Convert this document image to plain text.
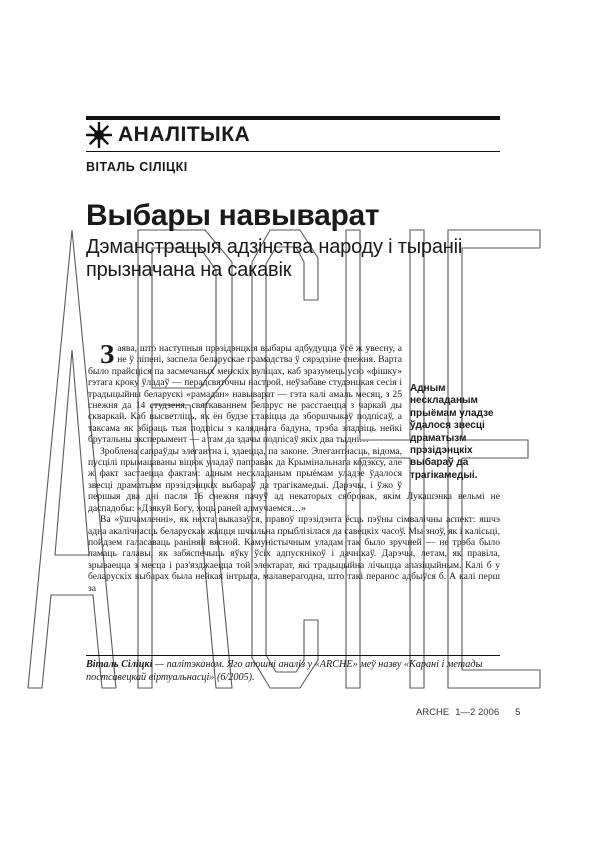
АНАЛІТЫКА
ВІТАЛЬ СІЛІЦКІ
Выбары навыварат
Дэманстрацыя адзінства народу і тыраніі прызначана на сакавік
Адным нескладаным прыёмам уладзе ўдалося звесці драматызм прэзідэнцкіх выбараў да трагікамедыі.

Заява, што наступныя прэзідэнцкія выбары адбудуцца ўсё ж увесну, а не ў ліпені, заспела беларускае грамадства ў сярэдзіне снежня. Варта было прайсціся па засмечаных менскіх вуліцах, каб зразумець усю «фішку» гэтага кроку ўладаў — перадсвяточны настрой, неўзабаве студэнцкая сесія і традыцыйны беларускі «рамадан» навыварат — гэта калі амаль месяц, з 25 снежня да 14 студзеня, святкаваннем беларус не расстаецца з чаркай ды скваркай. Каб высветліць, як ён будзе ставіцца да зборшчыкаў подпісаў, а таксама як збіраць тыя подпісы з каляднага бадуна, трэба зладзіць нейкі брутальны эксперымент — а там да здачы подпісаў якіх два тыдні…

Зроблена сапраўды элегантна і, здаецца, па законе. Элегантнасць, відома, пусцілі прымацаваны віцюк уладаў паправак да Крымінальнага кодэксу, але ж факт застаецца фактам: адным нескладаным прыёмам уладзе ўдалося звесці драматызм прэзідэнцкіх выбараў да трагікамедыі. Дарэчы, і ўжо ў першыя два дні пасля 16 снежня пачуў ад некаторых сябровак, якім Лукашэнка вельмі не даспадобы: «Дзякуй Богу, хоць раней адмучаемся…»

Ва «ўшчамленні», як нехта выказаўся, правоў прэзідэнта ёсць пэўны сімвалічны аспект: яшчэ адна акалічнасць беларуская жыцця шчыльна прыблізілася да савецкіх часоў. Мы зноў, як і калісьці, пойдзем галасаваць раніняй вясной. Камуністычным уладам так было зручней — не трэба было ламаць галавы, як забяспечыць яўку ўсіх адпускнікоў і дачнікаў. Дарэчы, летам, як правіла, зрываецца з месца і раз'язджаецца той электарат, які традыцыйна лічыцца апазіцыйным. Калі б у беларускіх выбарах была нейкая інтрыга, малаверагодна, што такі перанос адбыўся б. А калі перш за

Віталь Сіліцкі — палітэканом. Яго апошні аналіз у «ARCHE» меў назву «Карані і метады постсавецкай віртуальнасці» (6/2005).
ARCHE 1—2 2006 5
